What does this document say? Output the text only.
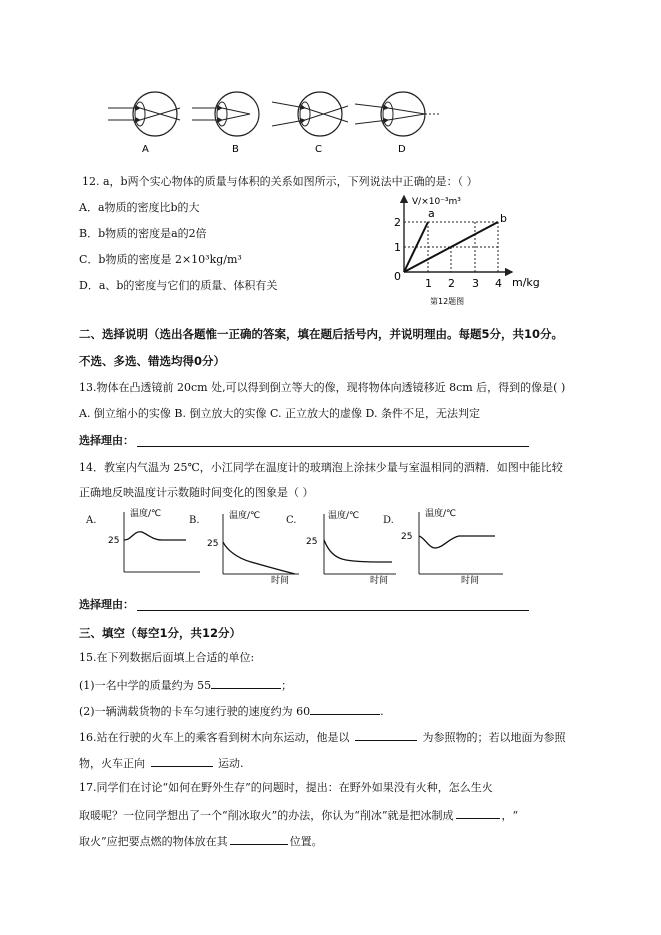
A	B	C	D
12. a，b两个实心物体的质量与体积的关系如图所示，下列说法中正确的是：（ ）
A．a物质的密度比b的大
B．b物质的密度是a的2倍
C．b物质的密度是 2×10³kg/m³
D．a、b的密度与它们的质量、体积有关
V/×10⁻³m³
m/kg
1
2
0
1 2 3 4
a	b
第12题图
二、选择说明（选出各题惟一正确的答案，填在题后括号内，并说明理由。每题5分，共10分。
不选、多选、错选均得0分）
13.物体在凸透镜前 20cm 处,可以得到倒立等大的像，现将物体向透镜移近 8cm 后，得到的像是( )
A. 倒立缩小的实像 B. 倒立放大的实像 C. 正立放大的虚像 D. 条件不足，无法判定
选择理由：
14．教室内气温为 25℃，小江同学在温度计的玻璃泡上涂抹少量与室温相同的酒精．如图中能比较
正确地反映温度计示数随时间变化的图象是（ ）
A.
温度/℃
25
B.	温度/℃
25
时间
C.	温度/℃
25
时间
D.
温度/℃
25
时间
选择理由：
三、填空（每空1分，共12分）
15.在下列数据后面填上合适的单位:
(1)一名中学的质量约为 55	；
(2)一辆满载货物的卡车匀速行驶的速度约为 60	.
16.站在行驶的火车上的乘客看到树木向东运动，他是以	为参照物的；若以地面为参照
物，火车正向	运动.
17.同学们在讨论“如何在野外生存”的问题时，提出：在野外如果没有火种，怎么生火
取暖呢？一位同学想出了一个“削冰取火”的办法，你认为“削冰”就是把冰制成	，“
取火”应把要点燃的物体放在其	位置。
